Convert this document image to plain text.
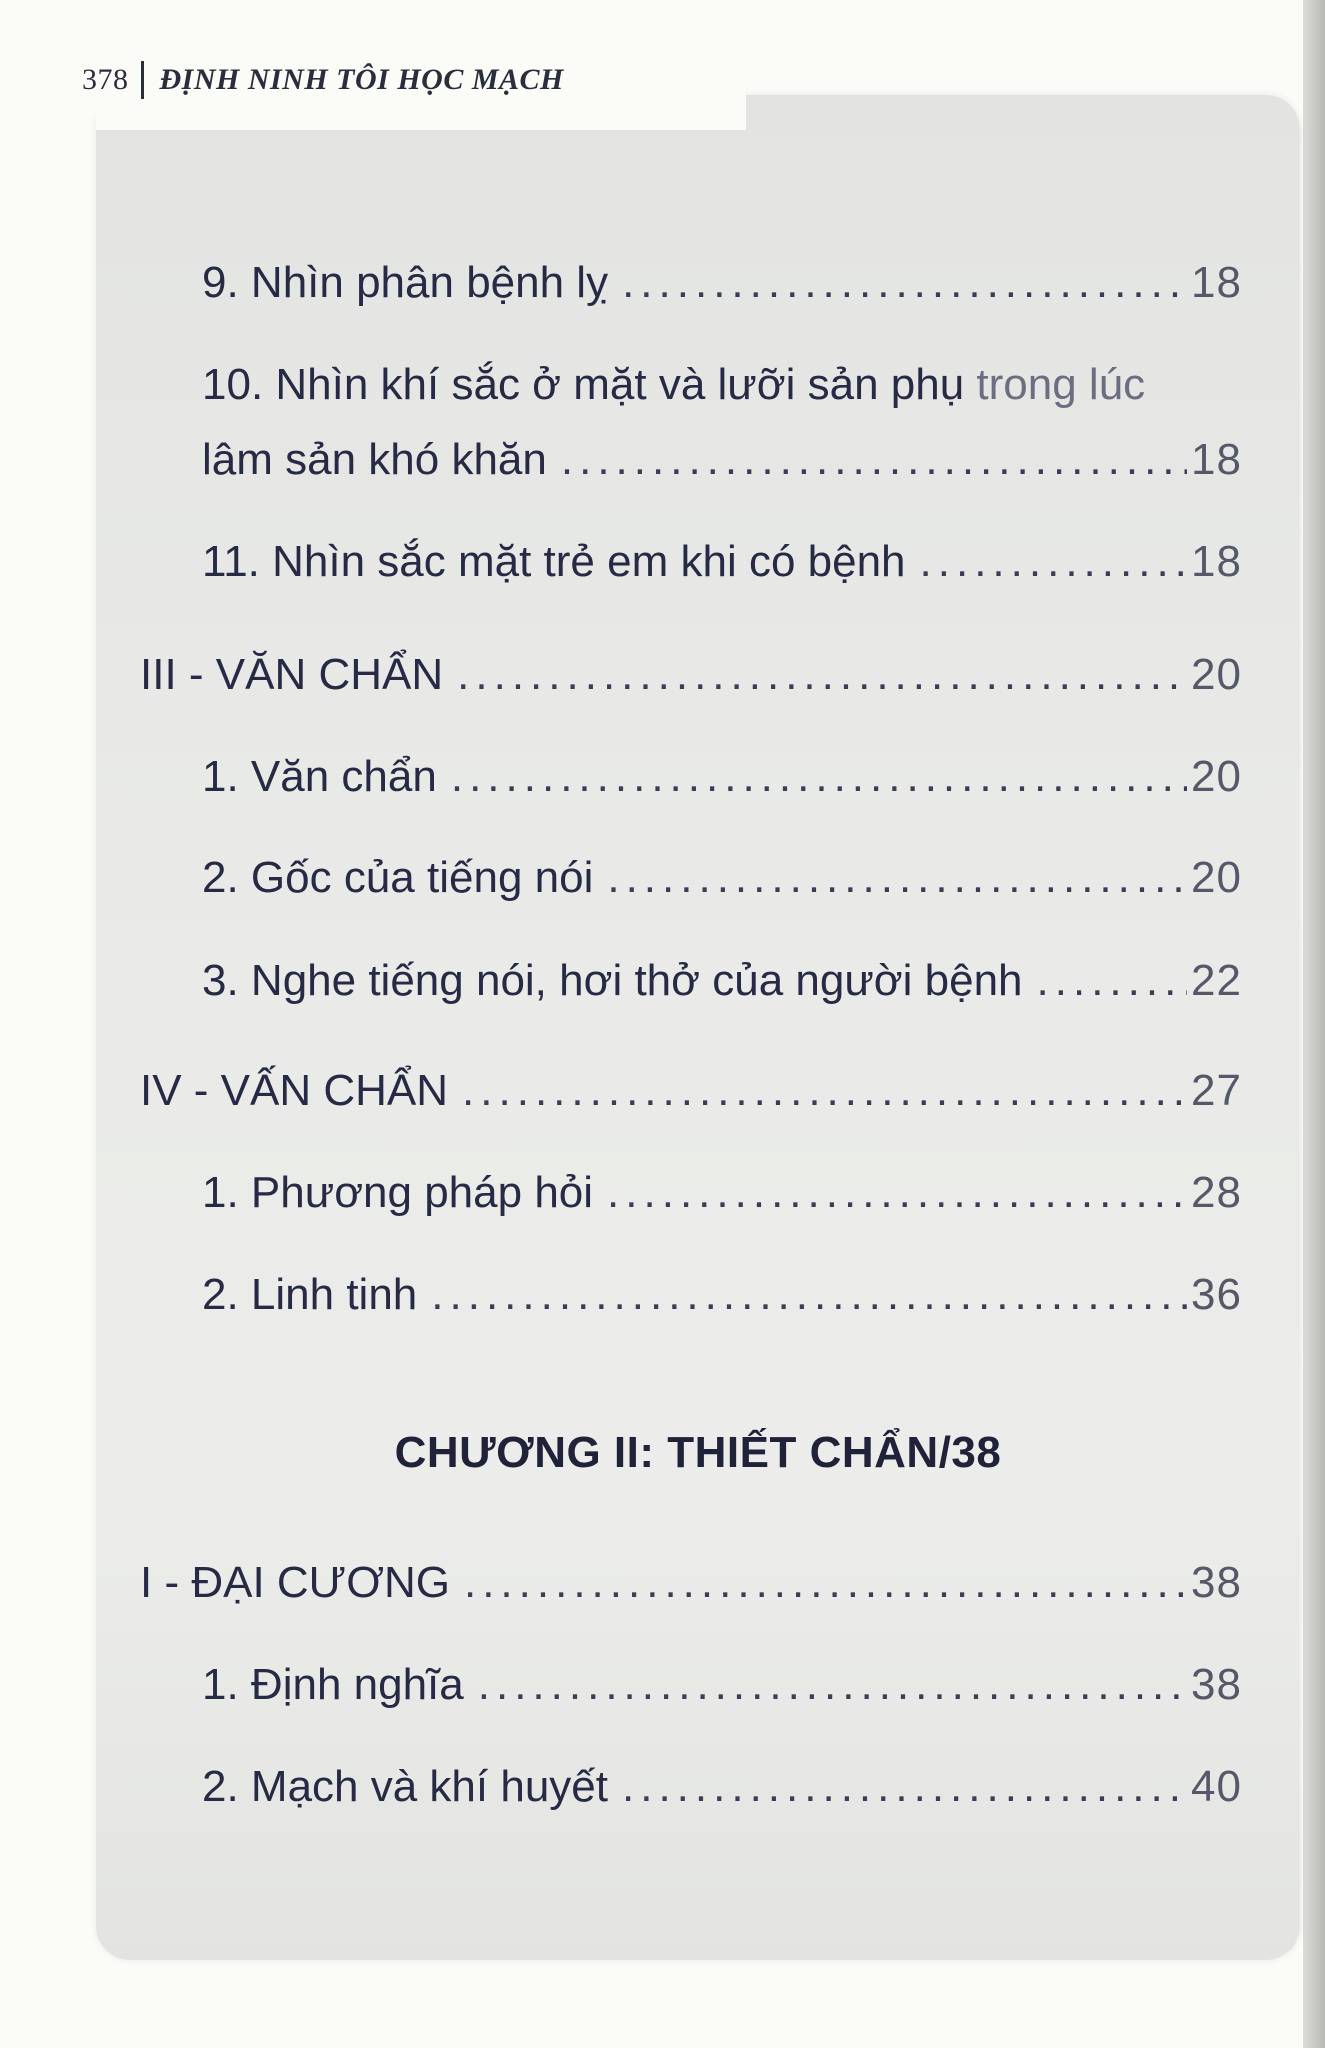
378 ĐỊNH NINH TÔI HỌC MẠCH
9. Nhìn phân bệnh lỵ .....	18
10. Nhìn khí sắc ở mặt và lưỡi sản phụ trong lúc
lâm sản khó khăn .....	18
11. Nhìn sắc mặt trẻ em khi có bệnh .....	18
III - VĂN CHẨN .....	20
1. Văn chẩn .....	20
2. Gốc của tiếng nói .....	20
3. Nghe tiếng nói, hơi thở của người bệnh .....	22
IV - VẤN CHẨN .....	27
1. Phương pháp hỏi .....	28
2. Linh tinh .....	36
CHƯƠNG II: THIẾT CHẨN/38
I - ĐẠI CƯƠNG .....	38
1. Định nghĩa .....	38
2. Mạch và khí huyết .....	40
